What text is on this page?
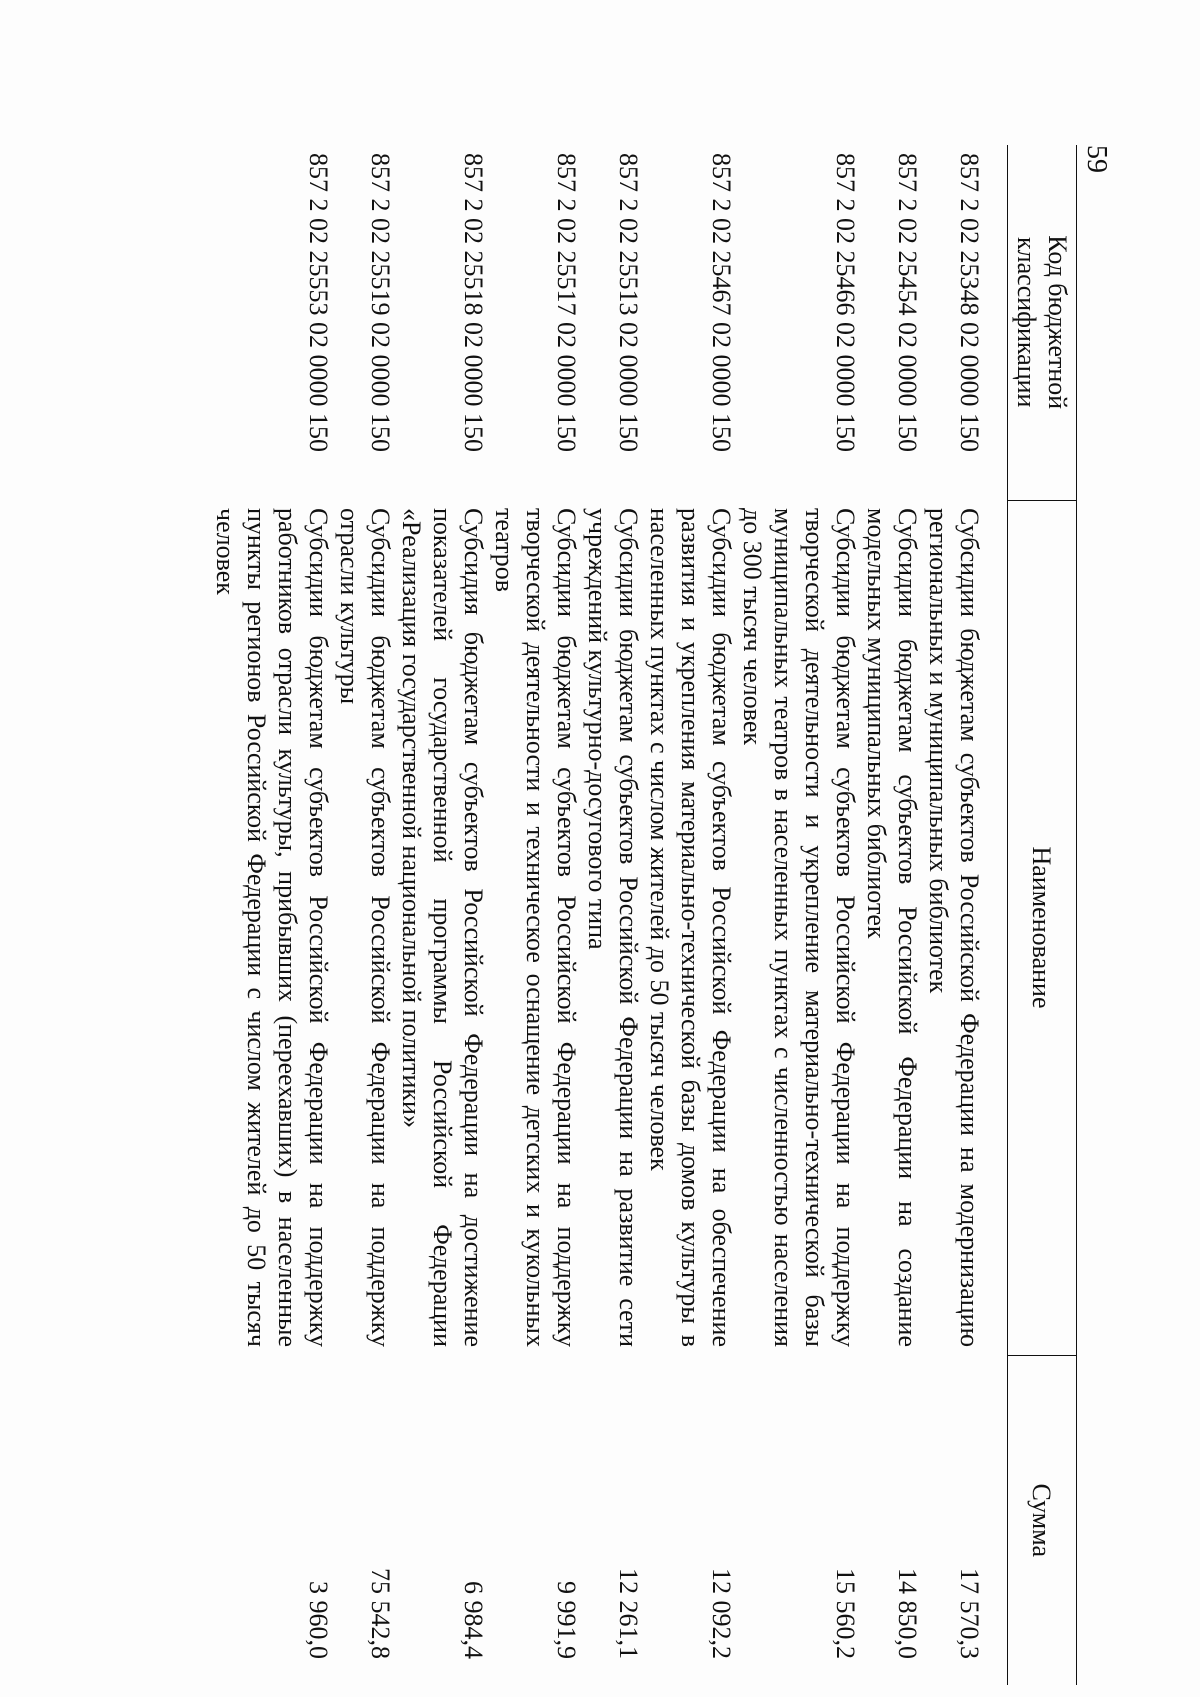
59
Код бюджетной классификации	Наименование	Сумма
857 2 02 25348 02 0000 150	Субсидии бюджетам субъектов Российской Федерации на модернизацию региональных и муниципальных библиотек	17 570,3
857 2 02 25454 02 0000 150	Субсидии бюджетам субъектов Российской Федерации на создание модельных муниципальных библиотек	14 850,0
857 2 02 25466 02 0000 150	Субсидии бюджетам субъектов Российской Федерации на поддержку творческой деятельности и укрепление материально-технической базы муниципальных театров в населенных пунктах с численностью населения до 300 тысяч человек	15 560,2
857 2 02 25467 02 0000 150	Субсидии бюджетам субъектов Российской Федерации на обеспечение развития и укрепления материально-технической базы домов культуры в населенных пунктах с числом жителей до 50 тысяч человек	12 092,2
857 2 02 25513 02 0000 150	Субсидии бюджетам субъектов Российской Федерации на развитие сети учреждений культурно-досугового типа	12 261,1
857 2 02 25517 02 0000 150	Субсидии бюджетам субъектов Российской Федерации на поддержку творческой деятельности и техническое оснащение детских и кукольных театров	9 991,9
857 2 02 25518 02 0000 150	Субсидия бюджетам субъектов Российской Федерации на достижение показателей государственной программы Российской Федерации «Реализация государственной национальной политики»	6 984,4
857 2 02 25519 02 0000 150	Субсидии бюджетам субъектов Российской Федерации на поддержку отрасли культуры	75 542,8
857 2 02 25553 02 0000 150	Субсидии бюджетам субъектов Российской Федерации на поддержку работников отрасли культуры, прибывших (переехавших) в населенные пункты регионов Российской Федерации с числом жителей до 50 тысяч человек	3 960,0
